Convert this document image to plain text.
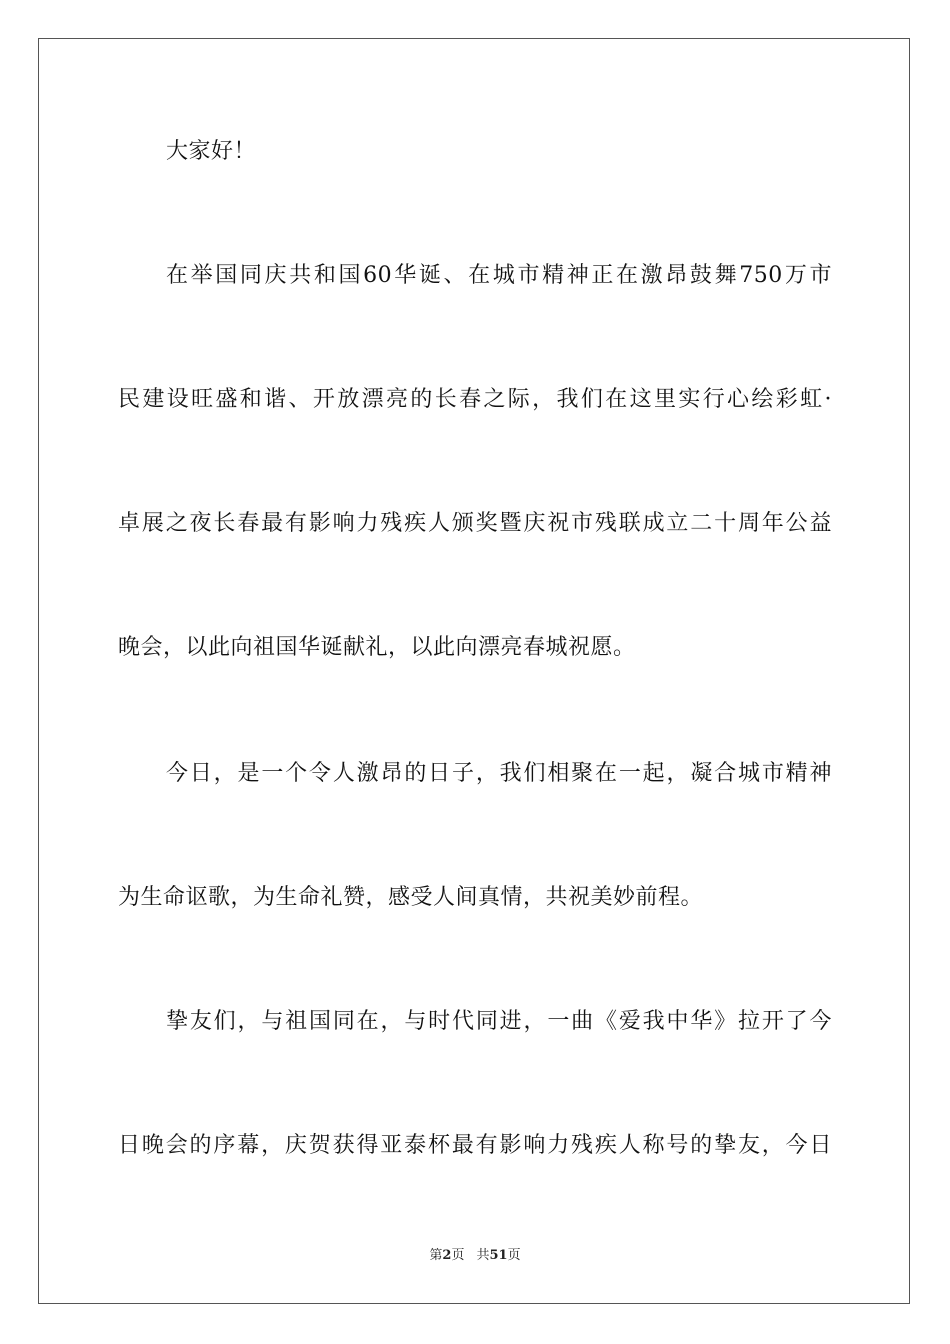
大家好！
在举国同庆共和国60华诞、在城市精神正在激昂鼓舞750万市
民建设旺盛和谐、开放漂亮的长春之际，我们在这里实行心绘彩虹·
卓展之夜长春最有影响力残疾人颁奖暨庆祝市残联成立二十周年公益
晚会，以此向祖国华诞献礼，以此向漂亮春城祝愿。
今日，是一个令人激昂的日子，我们相聚在一起，凝合城市精神
为生命讴歌，为生命礼赞，感受人间真情，共祝美妙前程。
挚友们，与祖国同在，与时代同进，一曲《爱我中华》拉开了今
日晚会的序幕，庆贺获得亚泰杯最有影响力残疾人称号的挚友，今日
第2页 共51页
